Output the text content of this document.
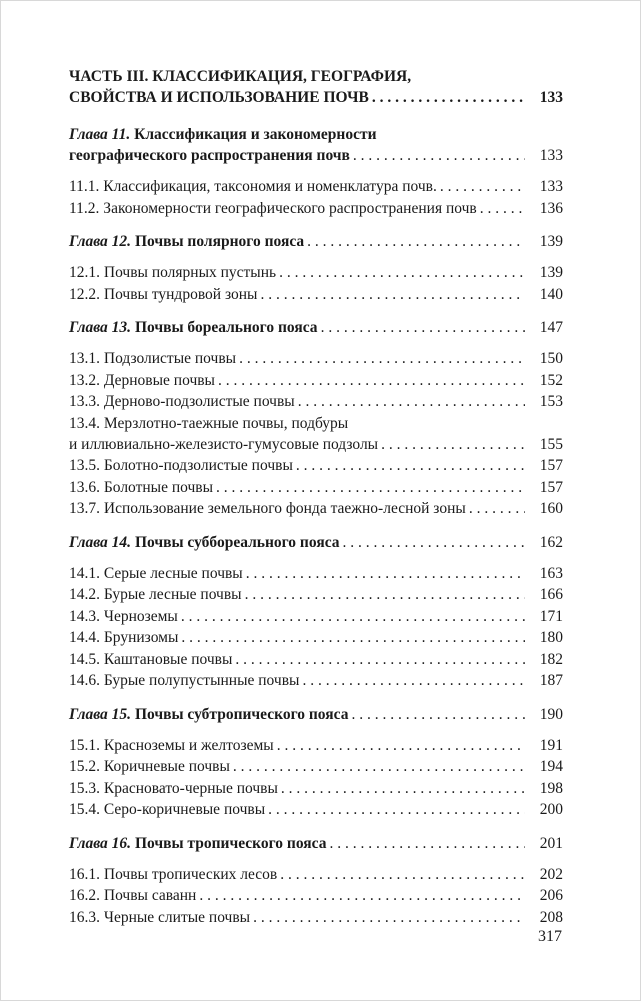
ЧАСТЬ III. КЛАССИФИКАЦИЯ, ГЕОГРАФИЯ,
СВОЙСТВА И ИСПОЛЬЗОВАНИЕ ПОЧВ . . .	133
Глава 11. Классификация и закономерности
географического распространения почв . . .	133
11.1. Классификация, таксономия и номенклатура почв. . . .	133
11.2. Закономерности географического распространения почв . . .	136
Глава 12. Почвы полярного пояса . . .	139
12.1. Почвы полярных пустынь . . .	139
12.2. Почвы тундровой зоны . . .	140
Глава 13. Почвы бореального пояса . . .	147
13.1. Подзолистые почвы . . .	150
13.2. Дерновые почвы . . .	152
13.3. Дерново-подзолистые почвы . . .	153
13.4. Мерзлотно-таежные почвы, подбуры
и иллювиально-железисто-гумусовые подзолы . . .	155
13.5. Болотно-подзолистые почвы . . .	157
13.6. Болотные почвы . . .	157
13.7. Использование земельного фонда таежно-лесной зоны . . .	160
Глава 14. Почвы суббореального пояса . . .	162
14.1. Серые лесные почвы . . .	163
14.2. Бурые лесные почвы . . .	166
14.3. Черноземы . . .	171
14.4. Брунизомы . . .	180
14.5. Каштановые почвы . . .	182
14.6. Бурые полупустынные почвы . . .	187
Глава 15. Почвы субтропического пояса . . .	190
15.1. Красноземы и желтоземы . . .	191
15.2. Коричневые почвы . . .	194
15.3. Красновато-черные почвы . . .	198
15.4. Серо-коричневые почвы . . .	200
Глава 16. Почвы тропического пояса . . .	201
16.1. Почвы тропических лесов . . .	202
16.2. Почвы саванн . . .	206
16.3. Черные слитые почвы . . .	208
317
